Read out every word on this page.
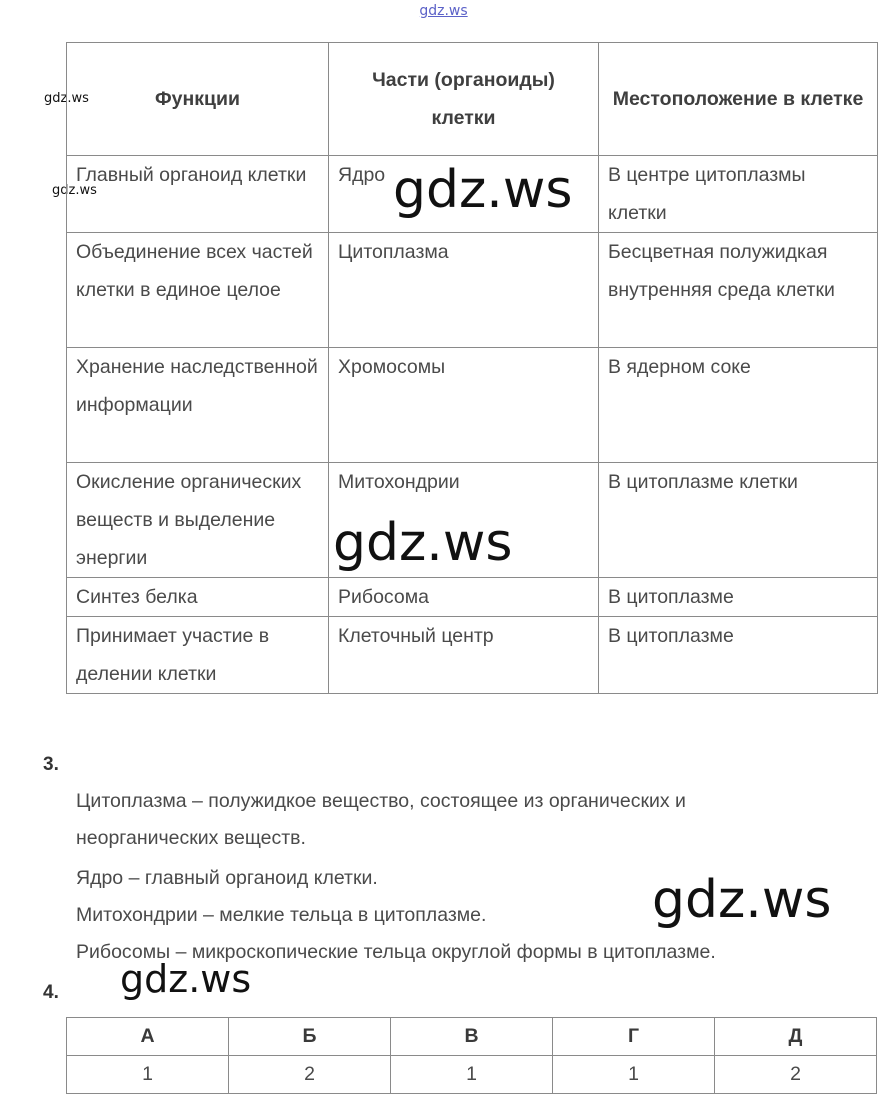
gdz.ws
gdz.ws
gdz.ws
Функции	Части (органоиды) клетки	Местоположение в клетке
Главный органоид клетки	Ядро	В центре цитоплазмы клетки
Объединение всех частей клетки в единое целое	Цитоплазма	Бесцветная полужидкая внутренняя среда клетки
Хранение наследственной информации	Хромосомы	В ядерном соке
Окисление органических веществ и выделение энергии	Митохондрии	В цитоплазме клетки
Синтез белка	Рибосома	В цитоплазме
Принимает участие в делении клетки	Клеточный центр	В цитоплазме
3.
Цитоплазма – полужидкое вещество, состоящее из органических и
неорганических веществ.
Ядро – главный органоид клетки.
Митохондрии – мелкие тельца в цитоплазме.
Рибосомы – микроскопические тельца округлой формы в цитоплазме.
4.
А	Б	В	Г	Д
1	2	1	1	2
gdz.ws
gdz.ws
gdz.ws
gdz.ws
